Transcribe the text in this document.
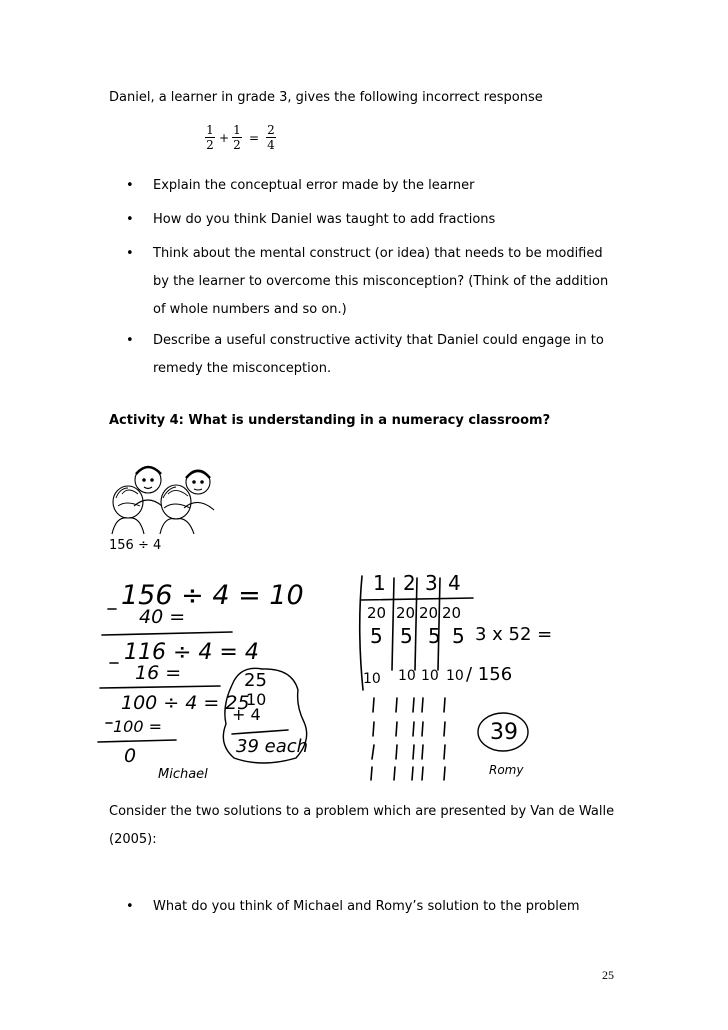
Daniel, a learner in grade 3, gives the following incorrect response
1
2 +
1
2 =
2
4
• Explain the conceptual error made by the learner
• How do you think Daniel was taught to add fractions
• Think about the mental construct (or idea) that needs to be modified
by the learner to overcome this misconception? (Think of the addition
of whole numbers and so on.)
• Describe a useful constructive activity that Daniel could engage in to
remedy the misconception.
Activity 4: What is understanding in a numeracy classroom?
156 ÷ 4
156 ÷ 4 = 10
40 =
116 ÷ 4 = 4
16 =
100 ÷ 4 = 25
100 =
0
25
10
+ 4
39 each
Michael
1 2 3 4
20 20 20 20
5 5 5 5 3 x 52 =
10 10 10 10 / 156
39
Romy
Consider the two solutions to a problem which are presented by Van de Walle
(2005):
• What do you think of Michael and Romy’s solution to the problem
25
